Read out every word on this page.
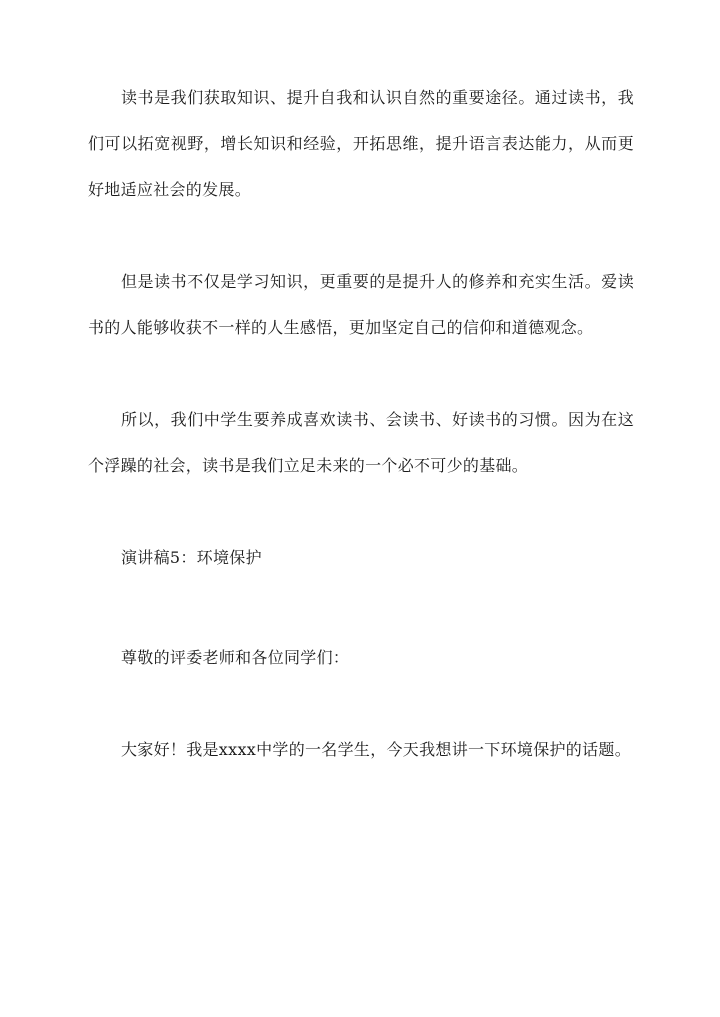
读书是我们获取知识、提升自我和认识自然的重要途径。通过读书，我们可以拓宽视野，增长知识和经验，开拓思维，提升语言表达能力，从而更好地适应社会的发展。

但是读书不仅是学习知识，更重要的是提升人的修养和充实生活。爱读书的人能够收获不一样的人生感悟，更加坚定自己的信仰和道德观念。

所以，我们中学生要养成喜欢读书、会读书、好读书的习惯。因为在这个浮躁的社会，读书是我们立足未来的一个必不可少的基础。

演讲稿5：环境保护

尊敬的评委老师和各位同学们：

大家好！我是xxxx中学的一名学生，今天我想讲一下环境保护的话题。
